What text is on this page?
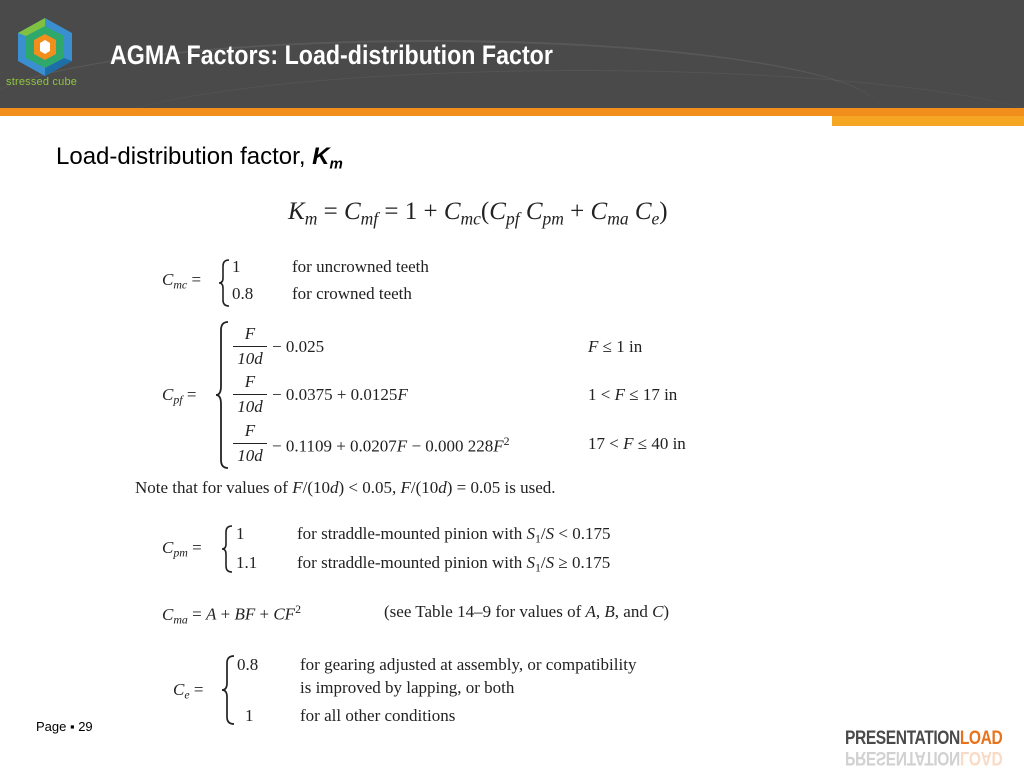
stressed cube
AGMA Factors: Load-distribution Factor
Load-distribution factor, $K_m$
$K_m = C_{mf} = 1 + C_{mc}(C_{pf}$ $C_{pm} + C_{ma}$ $C_e$)
$C_{mc}$ =
1	for uncrowned teeth
0.8 for crowned teeth
$C_{pf}$ =
F
10d
− 0.025	F ≤ 1 in
F
10d
− 0.0375 + 0.0125F	1 < F ≤ 17 in
F
10d − 0.1109 + 0.0207F − 0.000 $228F^2$	17 < F ≤ 40 in
Note that for values of F/(10d) < 0.05, F/(10d) = 0.05 is used.
$C_{pm}$ =
1	for straddle-mounted pinion with $S_1/S < 0.175$
1.1 for straddle-mounted pinion with $S_1/S \ge 0.175$
$C_{ma} = A$ + BF + $CF^2$	(see Table 14–9 for values of A, B, and C)
$C_e$ =
0.8 for gearing adjusted at assembly, or compatibility
is improved by lapping, or both
1	for all other conditions
Page ▪ 29
PRESENTATIONLOAD
PRESENTATIONLOAD
